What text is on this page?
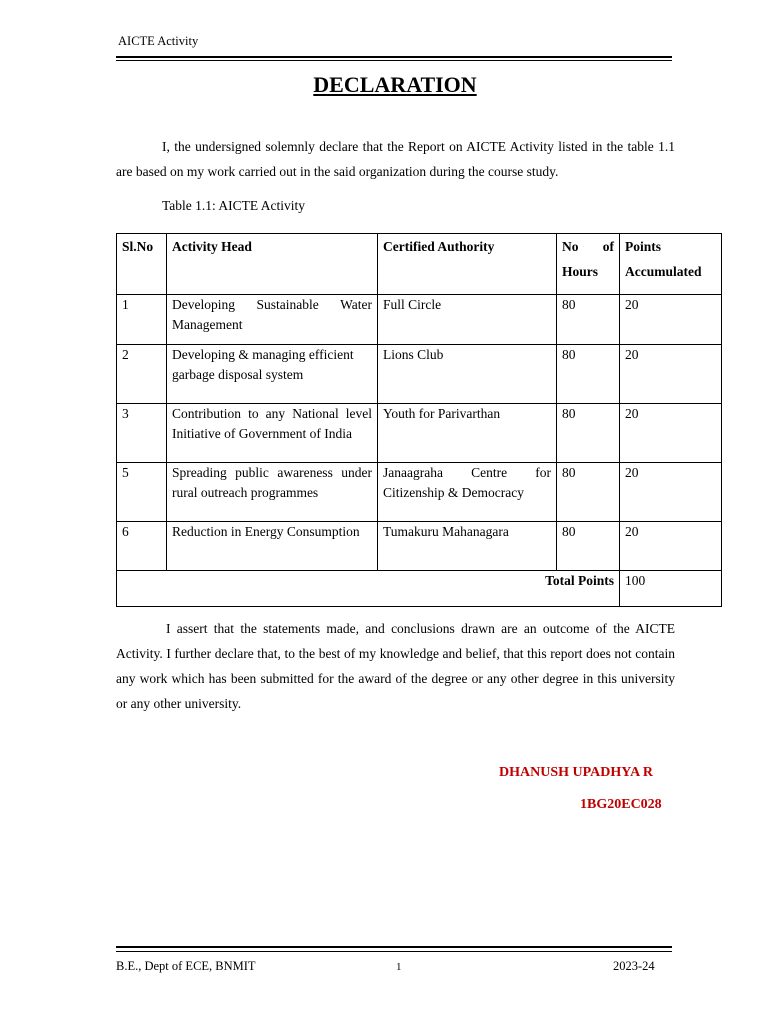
AICTE Activity
DECLARATION
I, the undersigned solemnly declare that the Report on AICTE Activity listed in the table 1.1 are based on my work carried out in the said organization during the course study.
Table 1.1: AICTE Activity
Sl.No	Activity Head	Certified Authority	No of Hours	Points Accumulated
1	Developing Sustainable Water Management	Full Circle	80	20
2	Developing & managing efficient garbage disposal system	Lions Club	80	20
3	Contribution to any National level Initiative of Government of India	Youth for Parivarthan	80	20
5	Spreading public awareness under rural outreach programmes	Janaagraha Centre for Citizenship & Democracy	80	20
6	Reduction in Energy Consumption	Tumakuru Mahanagara	80	20
Total Points				100
I assert that the statements made, and conclusions drawn are an outcome of the AICTE Activity. I further declare that, to the best of my knowledge and belief, that this report does not contain any work which has been submitted for the award of the degree or any other degree in this university or any other university.
DHANUSH UPADHYA R
1BG20EC028
B.E., Dept of ECE, BNMIT	1	2023-24
